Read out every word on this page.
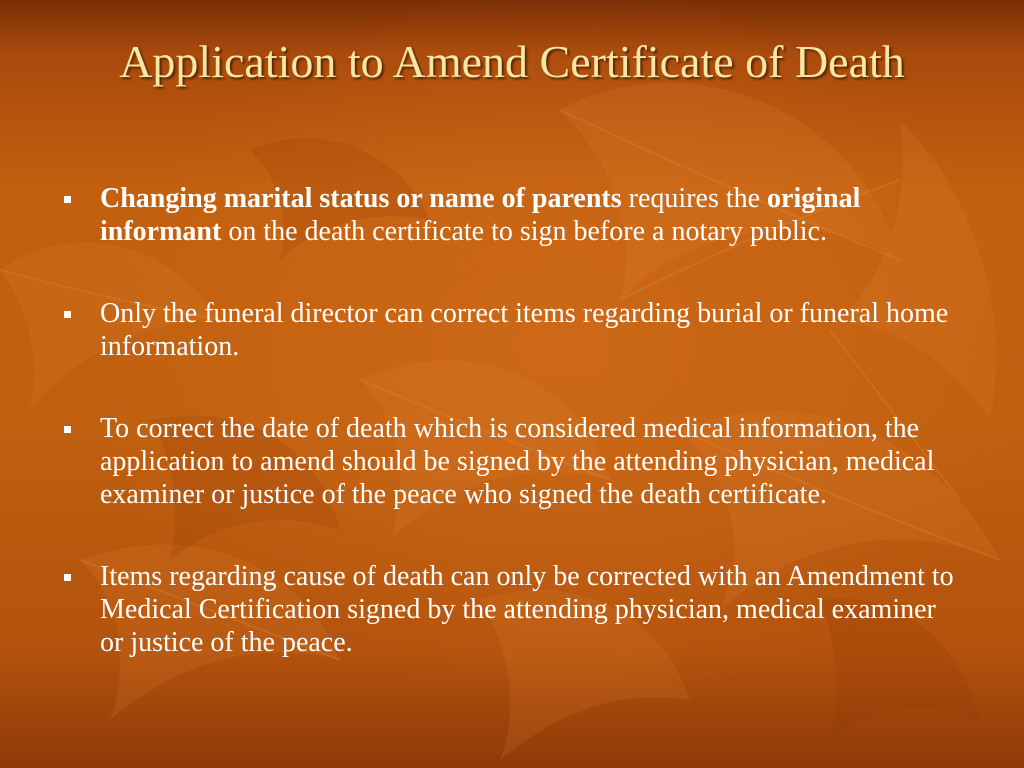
Application to Amend Certificate of Death
Changing marital status or name of parents requires the original informant on the death certificate to sign before a notary public.
Only the funeral director can correct items regarding burial or funeral home information.
To correct the date of death which is considered medical information, the application to amend should be signed by the attending physician, medical examiner or justice of the peace who signed the death certificate.
Items regarding cause of death can only be corrected with an Amendment to Medical Certification signed by the attending physician, medical examiner or justice of the peace.
